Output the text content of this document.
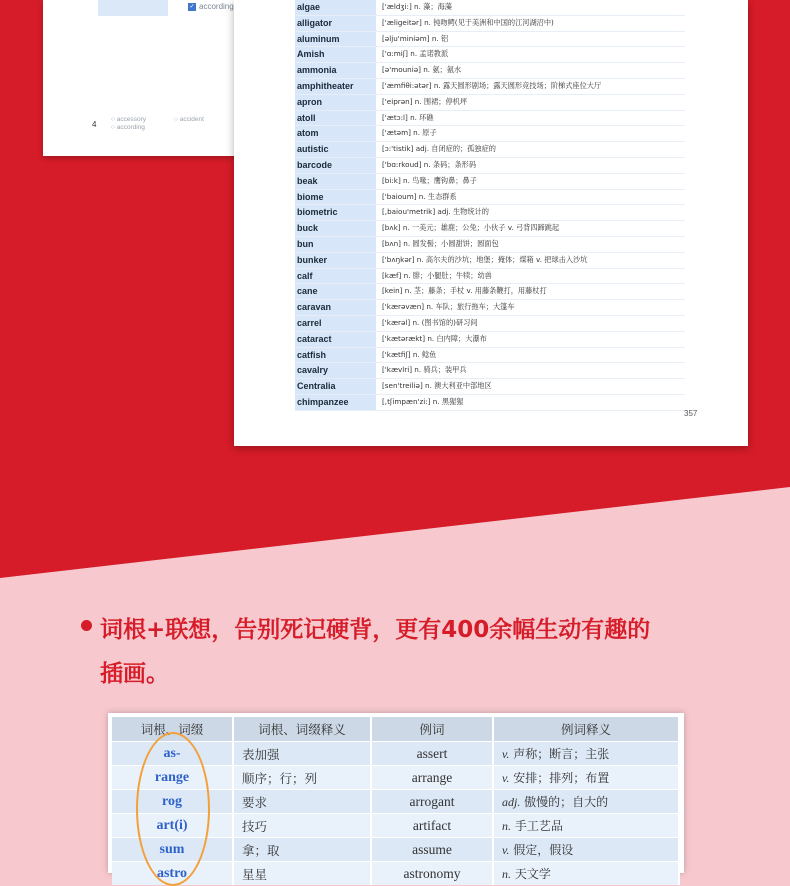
✓ according
4
○ accessory
○ according
○ accident
algae	['ældʒi:] n. 藻；海藻
alligator	['æligeitər] n. 钝吻鳄(见于美洲和中国的江河湖沼中)
aluminum	[əlju'miniəm] n. 铝
Amish	['ɑ:miʃ] n. 孟诺教派
ammonia	[ə'mouniə] n. 氨；氨水
amphitheater	['æmfiθi:ətər] n. 露天圆形剧场；露天圆形竞技场；阶梯式座位大厅
apron	['eiprən] n. 围裙；停机坪
atoll	['ætɔ:l] n. 环礁
atom	['ætəm] n. 原子
autistic	[ɔ:'tistik] adj. 自闭症的；孤独症的
barcode	['bɑ:rkoud] n. 条码；条形码
beak	[bi:k] n. 鸟喙；鹰钩鼻；鼻子
biome	['baioum] n. 生态群系
biometric	[,baiou'metrik] adj. 生物统计的
buck	[bʌk] n. 一美元；雄鹿；公兔；小伙子 v. 弓背四蹄跳起
bun	[bʌn] n. 圆发髻；小圆甜饼；圆面包
bunker	['bʌŋkər] n. 高尔夫的沙坑；地堡；掩体；煤箱 v. 把球击入沙坑
calf	[kæf] n. 腓；小腿肚；牛犊；幼兽
cane	[kein] n. 茎；藤条；手杖 v. 用藤条鞭打，用藤杖打
caravan	['kærəvæn] n. 车队；旅行拖车；大篷车
carrel	['kærəl] n. (图书馆的)研习间
cataract	['kætərækt] n. 白内障；大瀑布
catfish	['kætfiʃ] n. 鲶鱼
cavalry	['kævlri] n. 骑兵；装甲兵
Centralia	[sen'treiliə] n. 澳大利亚中部地区
chimpanzee	[,tʃimpæn'zi:] n. 黑猩猩
357
词根+联想，告别死记硬背，更有400余幅生动有趣的
插画。
词根、词缀	词根、词缀释义	例词	例词释义
as-	表加强	assert	v. 声称；断言；主张
range	顺序；行；列	arrange	v. 安排；排列；布置
rog	要求	arrogant	adj. 傲慢的；自大的
art(i)	技巧	artifact	n. 手工艺品
sum	拿；取	assume	v. 假定，假设
astro	星星	astronomy	n. 天文学
